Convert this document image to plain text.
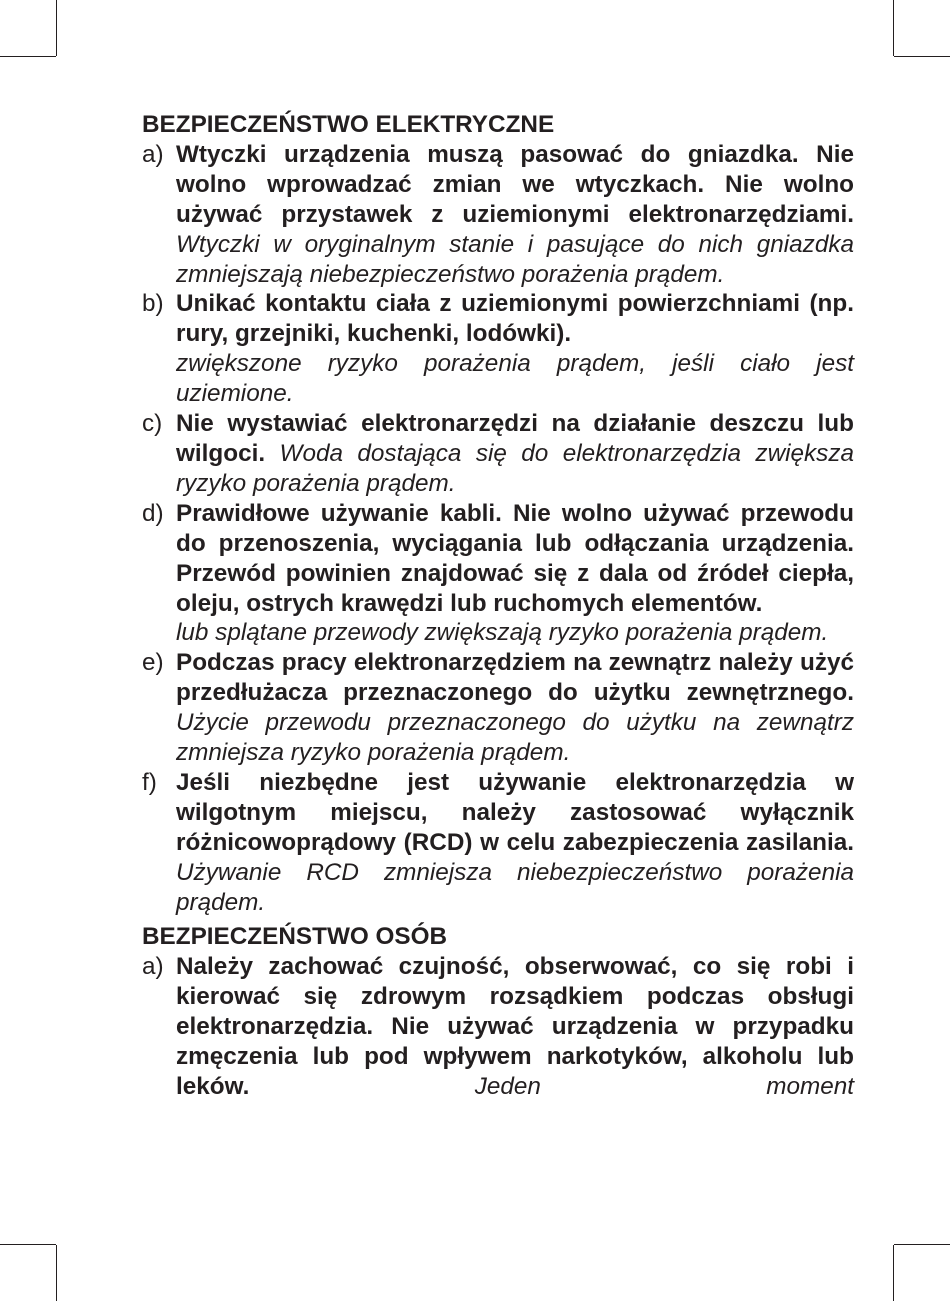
BEZPIECZEŃSTWO ELEKTRYCZNE
a) Wtyczki urządzenia muszą pasować do gniazdka. Nie wolno wprowadzać zmian we wtyczkach. Nie wolno używać przystawek z uziemionymi elektronarzędziami. Wtyczki w oryginalnym stanie i pasujące do nich gniazdka zmniejszają niebezpieczeństwo porażenia prądem.
b) Unikać kontaktu ciała z uziemionymi powierzchniami (np. rury, grzejniki, kuchenki, lodówki).
zwiększone ryzyko porażenia prądem, jeśli ciało jest uziemione.
c) Nie wystawiać elektronarzędzi na działanie deszczu lub wilgoci. Woda dostająca się do elektronarzędzia zwiększa ryzyko porażenia prądem.
d) Prawidłowe używanie kabli. Nie wolno używać przewodu do przenoszenia, wyciągania lub odłączania urządzenia. Przewód powinien znajdować się z dala od źródeł ciepła, oleju, ostrych krawędzi lub ruchomych elementów.
lub splątane przewody zwiększają ryzyko porażenia prądem.
e) Podczas pracy elektronarzędziem na zewnątrz należy użyć przedłużacza przeznaczonego do użytku zewnętrznego. Użycie przewodu przeznaczonego do użytku na zewnątrz zmniejsza ryzyko porażenia prądem.
f) Jeśli niezbędne jest używanie elektronarzędzia w wilgotnym miejscu, należy zastosować wyłącznik różnicowoprądowy (RCD) w celu zabezpieczenia zasilania. Używanie RCD zmniejsza niebezpieczeństwo porażenia prądem.
BEZPIECZEŃSTWO OSÓB
a) Należy zachować czujność, obserwować, co się robi i kierować się zdrowym rozsądkiem podczas obsługi elektronarzędzia. Nie używać urządzenia w przypadku zmęczenia lub pod wpływem narkotyków, alkoholu lub leków.	Jeden moment
